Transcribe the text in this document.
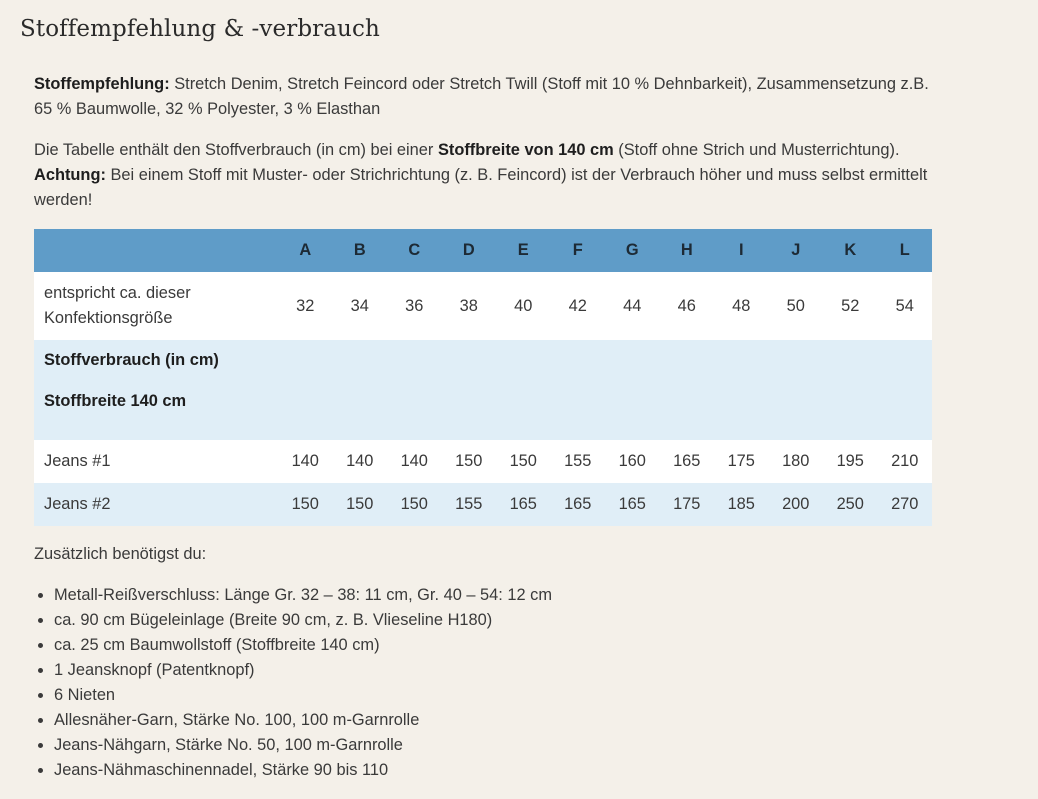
Stoffempfehlung & -verbrauch

Stoffempfehlung: Stretch Denim, Stretch Feincord oder Stretch Twill (Stoff mit 10 % Dehnbarkeit), Zusammensetzung z.B. 65 % Baumwolle, 32 % Polyester, 3 % Elasthan

Die Tabelle enthält den Stoffverbrauch (in cm) bei einer Stoffbreite von 140 cm (Stoff ohne Strich und Musterrichtung). Achtung: Bei einem Stoff mit Muster- oder Strichrichtung (z. B. Feincord) ist der Verbrauch höher und muss selbst ermittelt werden!

	A	B	C	D	E	F	G	H	I	J	K	L
entspricht ca. dieser Konfektionsgröße	32	34	36	38	40	42	44	46	48	50	52	54

Stoffverbrauch (in cm)
Stoffbreite 140 cm												

Jeans #1	140	140	140	150	150	155	160	165	175	180	195	210
Jeans #2	150	150	150	155	165	165	165	175	185	200	250	270

Zusätzlich benötigst du:

• Metall-Reißverschluss: Länge Gr. 32 – 38: 11 cm, Gr. 40 – 54: 12 cm
• ca. 90 cm Bügeleinlage (Breite 90 cm, z. B. Vlieseline H180)
• ca. 25 cm Baumwollstoff (Stoffbreite 140 cm)
• 1 Jeansknopf (Patentknopf)
• 6 Nieten
• Allesnäher-Garn, Stärke No. 100, 100 m-Garnrolle
• Jeans-Nähgarn, Stärke No. 50, 100 m-Garnrolle
• Jeans-Nähmaschinennadel, Stärke 90 bis 110
